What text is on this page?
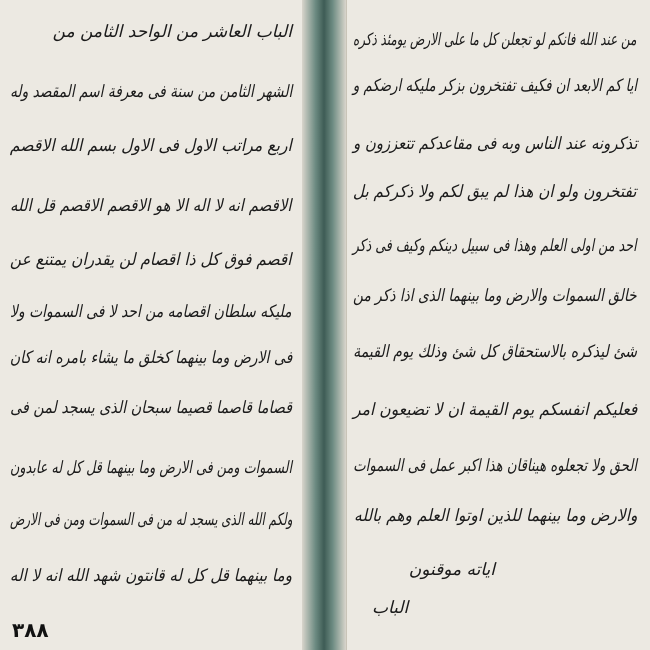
الباب العاشر من الواحد الثامن من
الشهر الثامن من سنة فى معرفة اسم المقصد وله
اربع مراتب الاول فى الاول بسم الله الاقصم
الاقصم انه لا اله الا هو الاقصم الاقصم قل الله
اقصم فوق كل ذا اقصام لن يقدران يمتنع عن
مليكه سلطان اقصامه من احد لا فى السموات ولا
فى الارض وما بينهما كخلق ما يشاء بامره انه كان
قصاما قاصما قصيما سبحان الذى يسجد لمن فى
السموات ومن فى الارض وما بينهما قل كل له عابدون
ولكم الله الذى يسجد له من فى السموات ومن فى الارض
وما بينهما قل كل له قانتون شهد الله انه لا اله
٣٨٨
من عند الله فانكم لو تجعلن كل ما على الارض يومئذ ذكره
ايا كم الابعد ان فكيف تفتخرون بزكر مليكه ارضكم و
تذكرونه عند الناس وبه فى مقاعدكم تتعززون و
تفتخرون ولو ان هذا لم يبق لكم ولا ذكركم بل
احد من اولى العلم وهذا فى سبيل دينكم وكيف فى ذكر
خالق السموات والارض وما بينهما الذى اذا ذكر من
شئ ليذكره بالاستحقاق كل شئ وذلك يوم القيمة
فعليكم انفسكم يوم القيمة ان لا تضيعون امر
الحق ولا تجعلوه هيناقان هذا اكبر عمل فى السموات
والارض وما بينهما للذين اوتوا العلم وهم بالله
اياته موقنون
الباب
